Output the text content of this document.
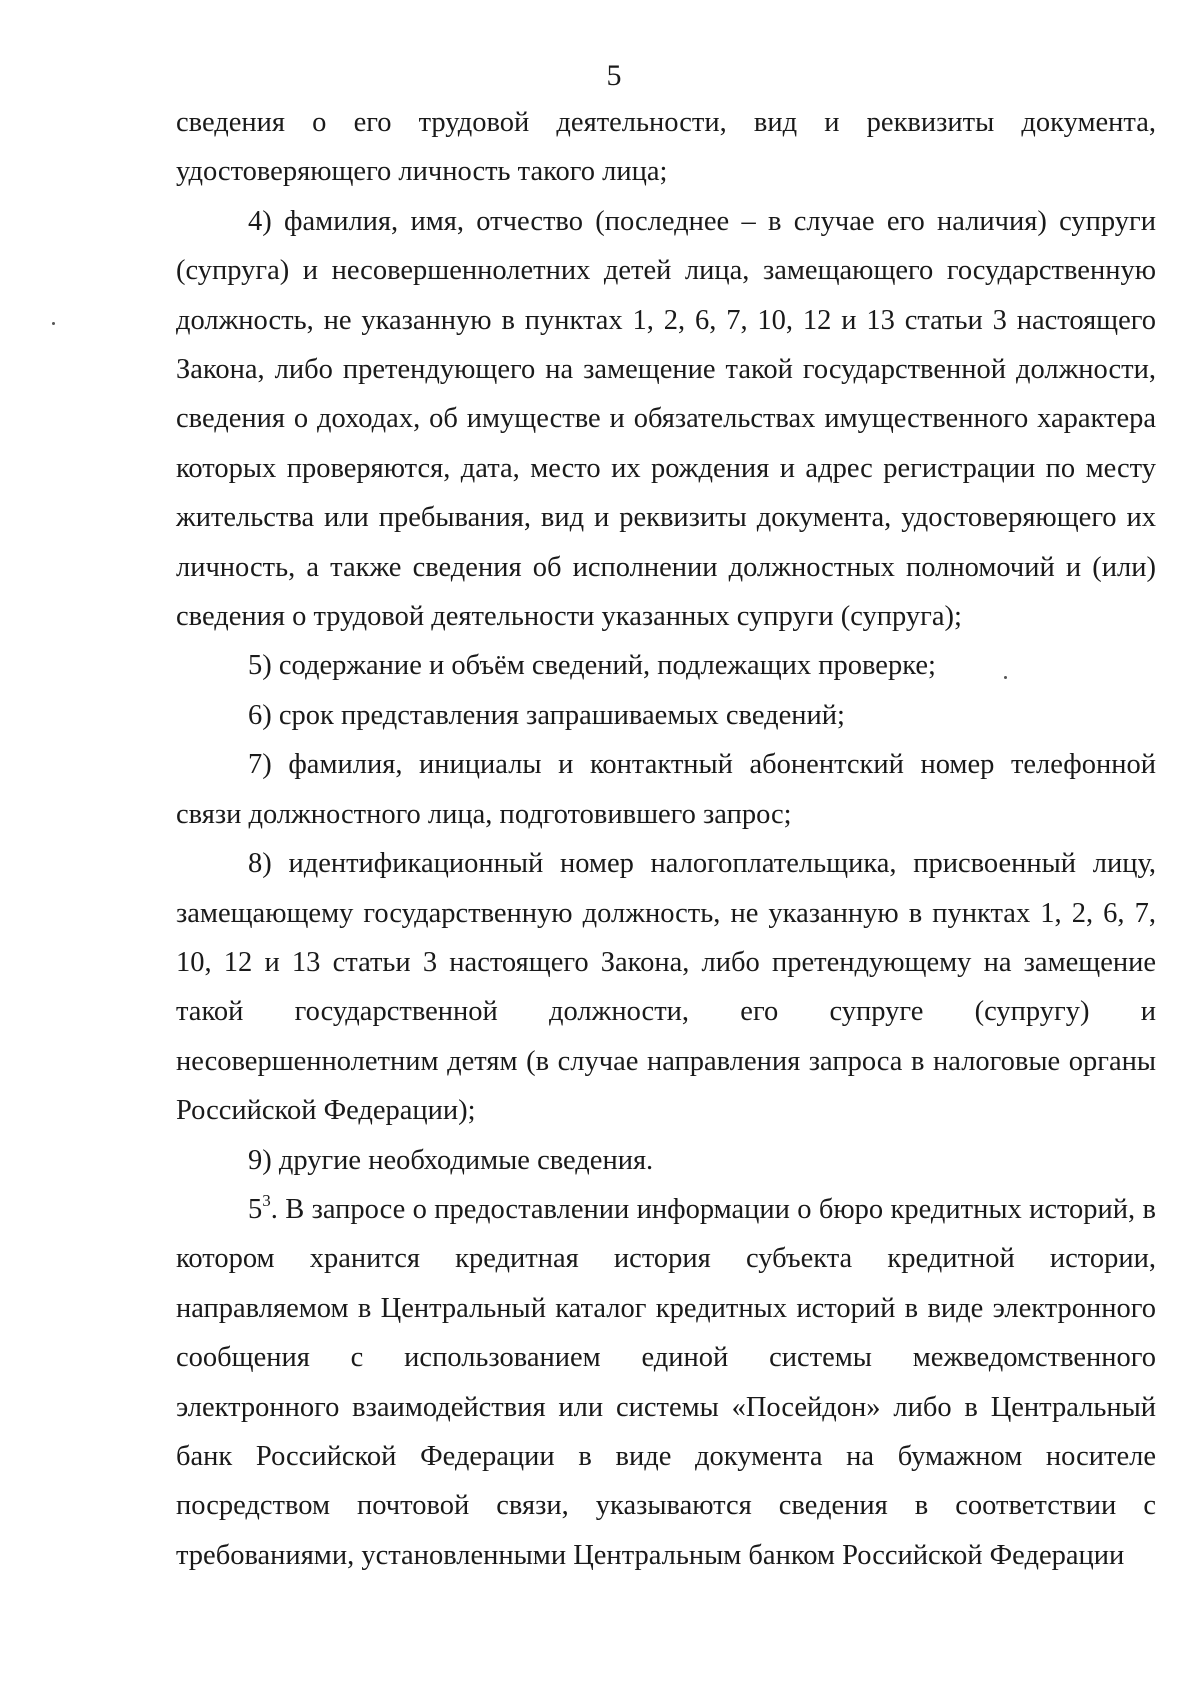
5

сведения о его трудовой деятельности, вид и реквизиты документа, удостоверяющего личность такого лица;

4) фамилия, имя, отчество (последнее – в случае его наличия) супруги (супруга) и несовершеннолетних детей лица, замещающего государственную должность, не указанную в пунктах 1, 2, 6, 7, 10, 12 и 13 статьи 3 настоящего Закона, либо претендующего на замещение такой государственной должности, сведения о доходах, об имуществе и обязательствах имущественного характера которых проверяются, дата, место их рождения и адрес регистрации по месту жительства или пребывания, вид и реквизиты документа, удостоверяющего их личность, а также сведения об исполнении должностных полномочий и (или) сведения о трудовой деятельности указанных супруги (супруга);

5) содержание и объём сведений, подлежащих проверке;

6) срок представления запрашиваемых сведений;

7) фамилия, инициалы и контактный абонентский номер телефонной связи должностного лица, подготовившего запрос;

8) идентификационный номер налогоплательщика, присвоенный лицу, замещающему государственную должность, не указанную в пунктах 1, 2, 6, 7, 10, 12 и 13 статьи 3 настоящего Закона, либо претендующему на замещение такой государственной должности, его супруге (супругу) и несовершеннолетним детям (в случае направления запроса в налоговые органы Российской Федерации);

9) другие необходимые сведения.

$5^3$. В запросе о предоставлении информации о бюро кредитных историй, в котором хранится кредитная история субъекта кредитной истории, направляемом в Центральный каталог кредитных историй в виде электронного сообщения с использованием единой системы межведомственного электронного взаимодействия или системы «Посейдон» либо в Центральный банк Российской Федерации в виде документа на бумажном носителе посредством почтовой связи, указываются сведения в соответствии с требованиями, установленными Центральным банком Российской Федерации
